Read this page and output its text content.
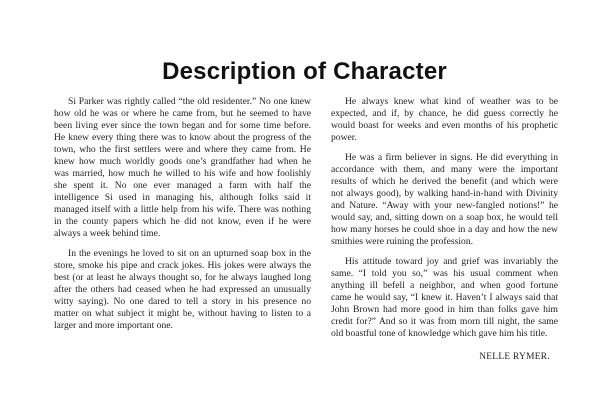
Description of Character

Si Parker was rightly called “the old residenter.” No one knew how old he was or where he came from, but he seemed to have been living ever since the town began and for some time before. He knew every thing there was to know about the progress of the town, who the first settlers were and where they came from. He knew how much worldly goods one’s grandfather had when he was married, how much he willed to his wife and how foolishly she spent it. No one ever managed a farm with half the intelligence Si used in managing his, although folks said it managed itself with a little help from his wife. There was nothing in the county papers which he did not know, even if he were always a week behind time.

In the evenings he loved to sit on an upturned soap box in the store, smoke his pipe and crack jokes. His jokes were always the best (or at least he always thought so, for he always laughed long after the others had ceased when he had expressed an unusually witty saying). No one dared to tell a story in his presence no matter on what subject it might be, without having to listen to a larger and more important one.

He always knew what kind of weather was to be expected, and if, by chance, he did guess correctly he would boast for weeks and even months of his prophetic power.

He was a firm believer in signs. He did everything in accordance with them, and many were the important results of which he derived the benefit (and which were not always good), by walking hand-in-hand with Divinity and Nature. “Away with your new-fangled notions!” he would say, and, sitting down on a soap box, he would tell how many horses he could shoe in a day and how the new smithies were ruining the profession.

His attitude toward joy and grief was invariably the same. “I told you so,” was his usual comment when anything ill befell a neighbor, and when good fortune came he would say, “I knew it. Haven’t I always said that John Brown had more good in him than folks gave him credit for?” And so it was from morn till night, the same old boastful tone of knowledge which gave him his title.

NELLE RYMER.
